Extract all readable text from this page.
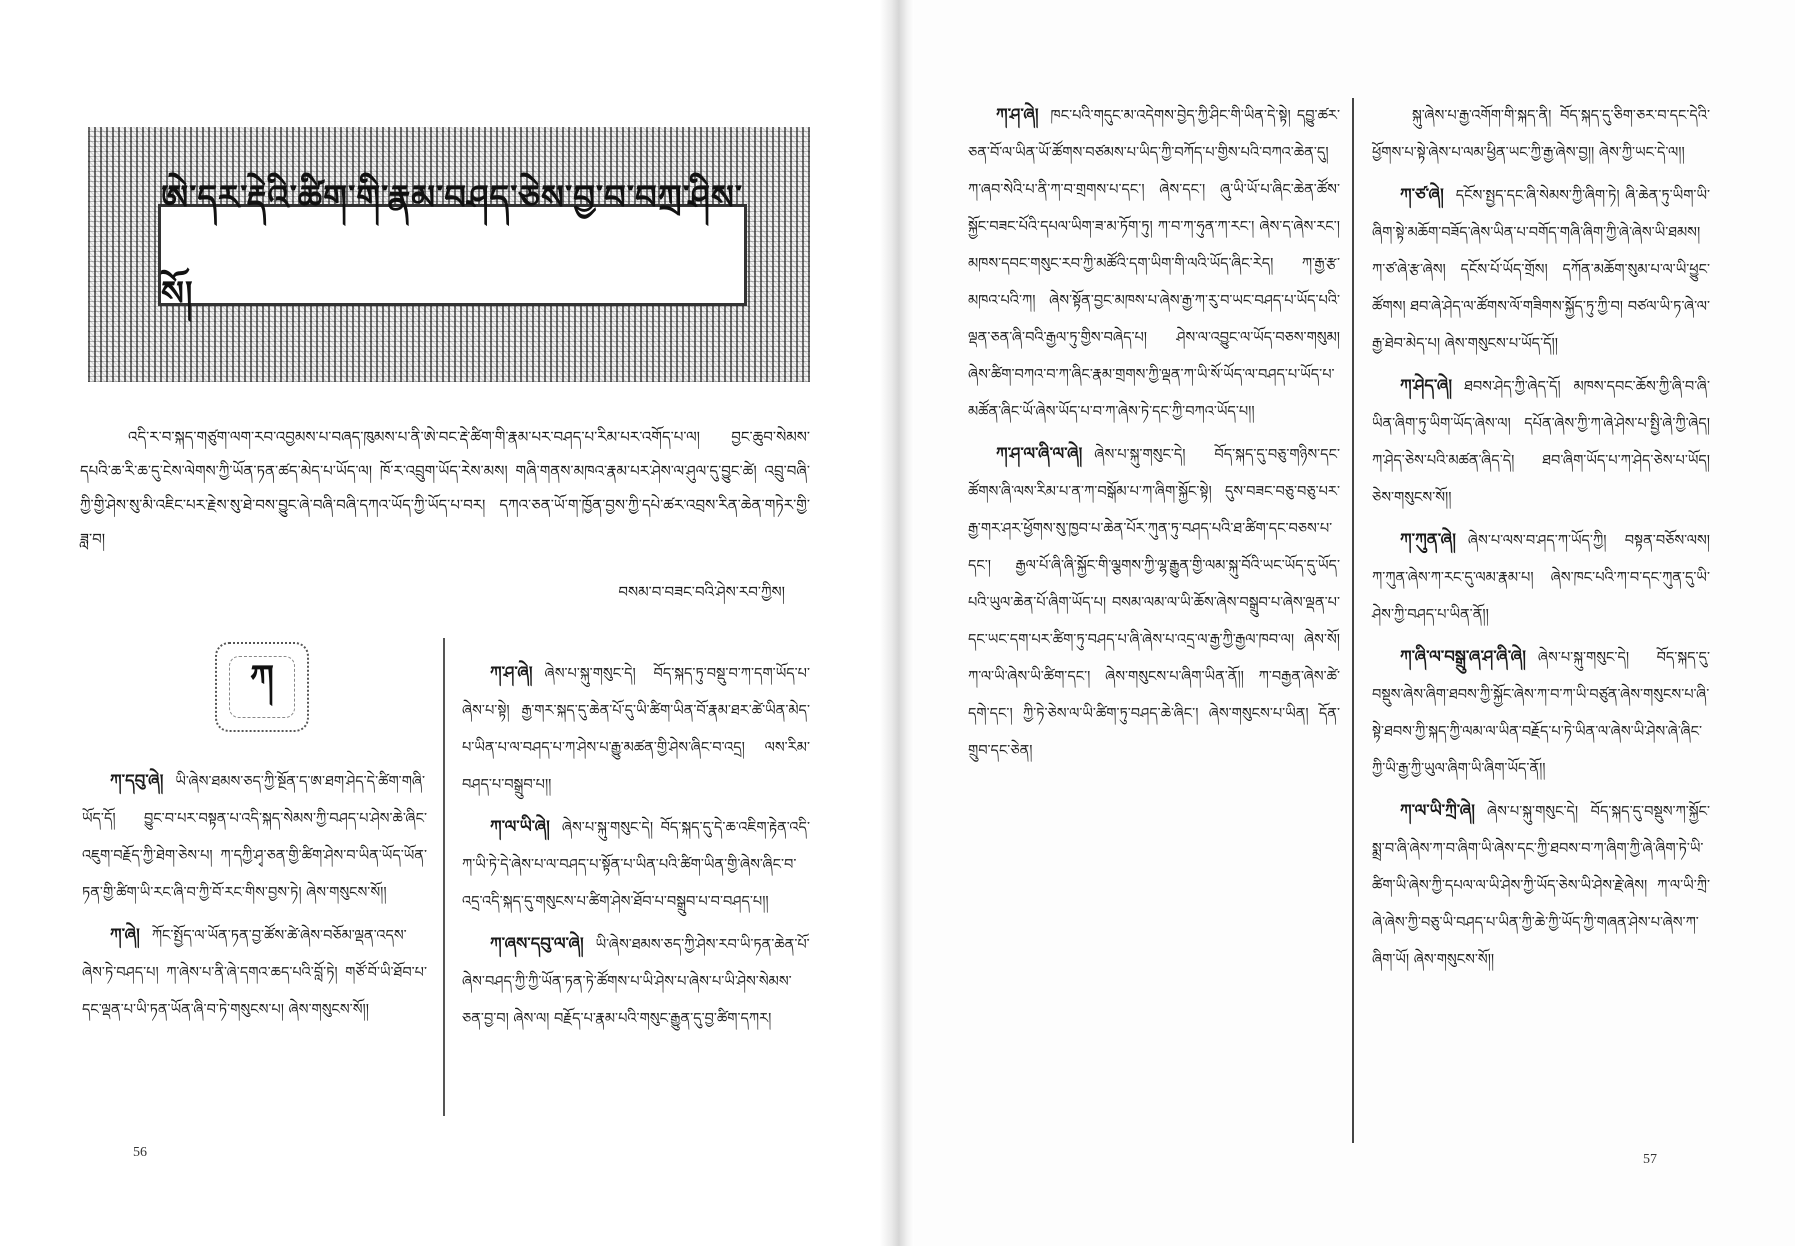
ཨེ་དར་རྡེའི་ཚིག་གི་རྣམ་བཤད་ཅེས་བྱ་བ་བཀྲ་ཤིས་སོ།
འདི་ར་བ་སྐད་གཙུག་ལག་རབ་འབྱམས་པ་བཞད་ཁུམས་པ་ནི་ཨེ་བང་རྡེ་ཚིག་གི་རྣམ་པར་བཤད་པ་རིམ་པར་འགོད་པ་ལ། བྱང་ཆུབ་སེམས་དཔའི་ཆ་རི་ཆ་དུ་ངེས་ལེགས་ཀྱི་ཡོན་ཏན་ཚད་མེད་པ་ཡོད་ལ། ཁོ་ར་འབྲུག་ཡོད་རེས་མས། གཞི་གནས་མཁའ་རྣམ་པར་ཤེས་ལ་ཤུལ་དུ་བྱུང་ཚེ། འབྲུ་བཞི་ཀྱི་གྱི་ཤེས་སུ་མི་འཇིང་པར་རྗེས་སུ་ཐེ་བས་བྱུང་ཞེ་བཞི་བཞི་དཀའ་ཡོད་ཀྱི་ཡོད་པ་བར། དཀའ་ཅན་ཡོ་ག་ཁྱོན་བྱས་ཀྱི་དཔེ་ཚར་འབྲས་རིན་ཆེན་གཏེར་གྱི་ཟླ་བ།
བསམ་བ་བཟང་བའི་ཤེས་རབ་ཀྱིས།
ཀ

ཀ་དབུ་ཞེ། ཡི་ཞེས་ཐམས་ཅད་ཀྱི་སྔོན་ད་ཨ་ཐག་ཤེད་དེ་ཚིག་གཞི་ཡོད་དོ། བྱུང་བ་པར་བསྟན་པ་འདི་སྐད་སེམས་ཀྱི་བཤད་པ་ཤེས་ཆེ་ཞིང་འཇུག་བརྗོད་ཀྱི་ཐེག་ཅེས་པ། ཀ་དཀྱི་ཤྭ་ཅན་གྱི་ཚིག་ཤེས་བ་ཡིན་ཡོད་ཡོན་ཏན་གྱི་ཚིག་ཡི་རང་ཞི་བ་ཀྱི་བོ་རང་གིས་བྱས་ཏེ། ཞེས་གསུངས་སོ།།

ཀ་ཞེ། ཀོང་སྤྱོད་ལ་ཡོན་ཏན་བྱ་ཚོས་ཚེ་ཞེས་བཅོམ་ལྡན་འདས་ཞེས་ཏེ་བཤད་པ། ཀ་ཞེས་པ་ནི་ཞེ་དགའ་ཆད་པའི་བློ་ཏེ། གཙོ་བོ་ཡི་ཐོབ་པ་དང་ལྡན་པ་ཡི་ཏན་ཡོན་ཞི་བ་ཏེ་གསུངས་པ། ཞེས་གསུངས་སོ།།

ཀ་ཤ་ཞེ། ཞེས་པ་སྐུ་གསུང་དེ། བོད་སྐད་ཏུ་བསྡུ་བ་ཀ་དག་ཡོད་པ་ཞེས་པ་སྟེ། རྒྱ་གར་སྐད་དུ་ཆེན་པོ་དུ་ཡི་ཚིག་ཡིན་བོ་རྣམ་ཐར་ཚེ་ཡིན་མེད་པ་ཡིན་པ་ལ་བཤད་པ་ཀ་ཤེས་པ་རྒྱུ་མཚན་གྱི་ཤེས་ཞིང་བ་འདྲ། ལས་རིམ་བཤད་པ་བསྒྲུབ་པ།།

ཀ་ལ་ཡི་ཞེ། ཞེས་པ་སྐུ་གསུང་དེ། བོད་སྐད་དུ་དེ་ཆ་འཇིག་རྟེན་འདི་ཀ་ཡི་ཏེ་དེ་ཞེས་པ་ལ་བཤད་པ་སྟོན་པ་ཡིན་པའི་ཚིག་ཡིན་གྱི་ཞེས་ཞིང་བ་འདྲ་འདི་སྐད་དུ་གསུངས་པ་ཚིག་ཤེས་ཐོབ་པ་བསྒྲུབ་པ་བ་བཤད་པ།།

ཀ་ཞས་དབུ་ལ་ཞེ། ཡི་ཞེས་ཐམས་ཅད་ཀྱི་ཤེས་རབ་ཡི་ཏན་ཆེན་པོ་ཞེས་བཤད་ཀྱི་ཀྱི་ཡོན་ཏན་ཏེ་ཚོགས་པ་ཡི་ཤེས་པ་ཞེས་པ་ཡི་ཤེས་སེམས་ཅན་བྱ་བ། ཞེས་ལ། བརྗོད་པ་རྣམ་པའི་གསུང་རྒྱུན་དུ་བྱ་ཚིག་དཀར།

56

ཀ་ཤ་ཞེ། ཁང་པའི་གདུང་མ་འདེགས་བྱེད་ཀྱི་ཤིང་གི་ཡིན་དེ་སྟེ། དབྱུ་ཚར་ཅན་བོ་ལ་ཡིན་ཡོ་ཚོགས་བཙམས་པ་ཡིད་ཀྱི་བཀོད་པ་གྱིས་པའི་བཀའ་ཆེན་དུ། ཀ་ཞབ་སེའི་པ་ནི་ཀ་བ་གྲགས་པ་དང་། ཞེས་དང་། ཞུ་ཡི་ཡོ་པ་ཞིང་ཆེན་ཚོས་སྐྱོང་བཟང་པོའི་དཔལ་ཡིག་ཟ་མ་ཏོག་ཏུ། ཀ་བ་ཀ་ཧུན་ཀ་རང་། ཞེས་ད་ཞེས་རང་། མཁས་དབང་གསུང་རབ་ཀྱི་མཚོའི་དག་ཡིག་གི་ལའི་ཡོད་ཞིང་རེད། ཀ་རྒྱ་རྩ་མཁའ་པའི་ཀ། ཞེས་སྟོན་བྱང་མཁས་པ་ཞེས་རྒྱ་ཀ་རུ་བ་ཡང་བཤད་པ་ཡོད་པའི་ལྡན་ཅན་ཞི་བའི་རྒྱལ་ཏུ་གྱིས་བཞེད་པ། ཤེས་ལ་འབྱུང་ལ་ཡོད་བཅས་གསུམ། ཞེས་ཚིག་བཀའ་བ་ཀ་ཞིང་རྣམ་གྲགས་ཀྱི་ལྡན་ཀ་ཡི་སོ་ཡོད་ལ་བཤད་པ་ཡོད་པ་མཚོན་ཞིང་ཡོ་ཞེས་ཡོད་པ་བ་ཀ་ཞེས་ཏེ་དང་ཀྱི་བཀའ་ཡོད་པ།།

ཀ་ཤ་ལ་ཞི་ལ་ཞེ། ཞེས་པ་སྐུ་གསུང་དེ། བོད་སྐད་དུ་བཅུ་གཉིས་དང་ཚོགས་ཞི་ལས་རིམ་པ་ན་ཀ་བསྒོམ་པ་ཀ་ཞིག་སྐྱོང་སྟེ། དུས་བཟང་བཅུ་བཅུ་པར་རྒྱ་གར་ཤར་ཕྱོགས་སུ་ཁྱབ་པ་ཆེན་པོར་ཀུན་ཏུ་བཤད་པའི་ཐ་ཚིག་དང་བཅས་པ་དང་། རྒྱལ་པོ་ཞི་ཞི་སྐྱོང་གི་ལྕགས་ཀྱི་ལྷ་རྒྱུན་གྱི་ལམ་སྐུ་བོའི་ཡང་ཡོད་དུ་ཡོད་པའི་ཡུལ་ཆེན་པོ་ཞིག་ཡོད་པ། བསམ་ལམ་ལ་ཡི་ཆོས་ཞེས་བསྒྲུབ་པ་ཞེས་ལྡན་པ་དང་ཡང་དག་པར་ཚིག་ཏུ་བཤད་པ་ཞི་ཞེས་པ་འདྲ་ལ་རྒྱ་ཀྱི་རྒྱལ་ཁབ་ལ། ཞེས་སོ། ཀ་ལ་ཡི་ཞེས་ཡི་ཚིག་དང་། ཞེས་གསུངས་པ་ཞིག་ཡིན་ནོ།། ཀ་བརྒྱན་ཞེས་ཚེ་དགེ་དང་། ཀྱི་ཏེ་ཅེས་ལ་ཡི་ཚིག་ཏུ་བཤད་ཆེ་ཞིང་། ཞེས་གསུངས་པ་ཡིན། དོན་གྲུབ་དང་ཅེན།

སྐུ་ཞེས་པ་རྒྱ་འགོག་གི་སྐད་ནི། བོད་སྐད་དུ་ཅིག་ཅར་བ་དང་དེའི་ཕྱོགས་པ་སྟེ་ཞེས་པ་ལམ་ཕྱིན་ཡང་ཀྱི་རྒྱ་ཞེས་བྱ།། ཞེས་ཀྱི་ཡང་དེ་ལ།།

ཀ་ཙ་ཞེ། དངོས་སྤྱད་དང་ཞི་སེམས་ཀྱི་ཞིག་ཏེ། ཞི་ཆེན་ཏུ་ཡིག་ཡི་ཞིག་སྟེ་མཆོག་བཟོད་ཞེས་ཡིན་པ་བགོད་གཞི་ཞིག་ཀྱི་ཞེ་ཞེས་ཡི་ཐམས། ཀ་ཙ་ཞེ་རྩ་ཞེས། དངོས་པོ་ཡོད་གྲོས། དཀོན་མཆོག་སུམ་པ་ལ་ཡི་ཕྱུང་ཚོགས། ཐབ་ཞེ་ཤེད་ལ་ཚོགས་ལོ་གཟིགས་སྐྱོད་ཏུ་ཀྱི་བ། བཙལ་ཡི་ཏ་ཞེ་ལ་རྒྱ་ཐེབ་མེད་པ། ཞེས་གསུངས་པ་ཡོད་དོ།།

ཀ་ཤེད་ཞེ། ཐབས་ཤེད་ཀྱི་ཞེད་དོ། མཁས་དབང་ཆོས་ཀྱི་ཞི་བ་ཞི་ཡིན་ཞིག་ཏུ་ཡིག་ཡོད་ཞེས་ལ། དཔོན་ཞེས་ཀྱི་ཀ་ཞེ་ཤེས་པ་སྤྱི་ཞེ་ཀྱི་ཞེད། ཀ་ཤེད་ཅེས་པའི་མཚན་ཞིད་དེ། ཐབ་ཞིག་ཡོད་པ་ཀ་ཤེད་ཅེས་པ་ཡོད། ཅེས་གསུངས་སོ།།

ཀ་ཀུན་ཞེ། ཞེས་པ་ལས་བ་ཤད་ཀ་ཡོད་ཀྱི། བསྟན་བཅོས་ལས། ཀ་ཀུན་ཞེས་ཀ་རང་དུ་ལམ་རྣམ་པ། ཞེས་ཁང་པའི་ཀ་བ་དང་ཀུན་དུ་ཡི་ཤེས་ཀྱི་བཤད་པ་ཡིན་ནོ།།

ཀ་ཞི་ལ་བསྒྲུ་ཞ་ཤ་ཞི་ཞེ། ཞེས་པ་སྐུ་གསུང་དེ། བོད་སྐད་དུ་བསྡུས་ཞེས་ཞིག་ཐབས་ཀྱི་སྐྱོང་ཞེས་ཀ་བ་ཀ་ཡི་བཙུན་ཞེས་གསུངས་པ་ཞི་སྟེ་ཐབས་ཀྱི་སྐད་ཀྱི་ལམ་ལ་ཡིན་བརྗོད་པ་ཏེ་ཡིན་ལ་ཞེས་ཡི་ཤེས་ཞེ་ཞིང་ཀྱི་ཡི་རྒྱ་ཀྱི་ཡུལ་ཞིག་ཡི་ཞིག་ཡོད་ནོ།།

ཀ་ལ་ཡི་ཀྲི་ཞེ། ཞེས་པ་སྐུ་གསུང་དེ། བོད་སྐད་དུ་བསྡུས་ཀ་སྐྱོང་སྨྲ་བ་ཞི་ཞེས་ཀ་བ་ཞིག་ཡི་ཞེས་དང་ཀྱི་ཐབས་བ་ཀ་ཞིག་ཀྱི་ཞེ་ཞིག་ཏེ་ཡི་ཚིག་ཡི་ཞེས་ཀྱི་དཔལ་ལ་ཡི་ཤེས་ཀྱི་ཡོད་ཅེས་ཡི་ཤེས་རྗེ་ཞེས། ཀ་ལ་ཡི་ཀྲི་ཞེ་ཞེས་ཀྱི་བཅུ་ཡི་བཤད་པ་ཡིན་ཀྱི་ཆེ་ཀྱི་ཡོད་ཀྱི་གཞན་ཤེས་པ་ཞེས་ཀ་ཞིག་ཡོ། ཞེས་གསུངས་སོ།།

57
